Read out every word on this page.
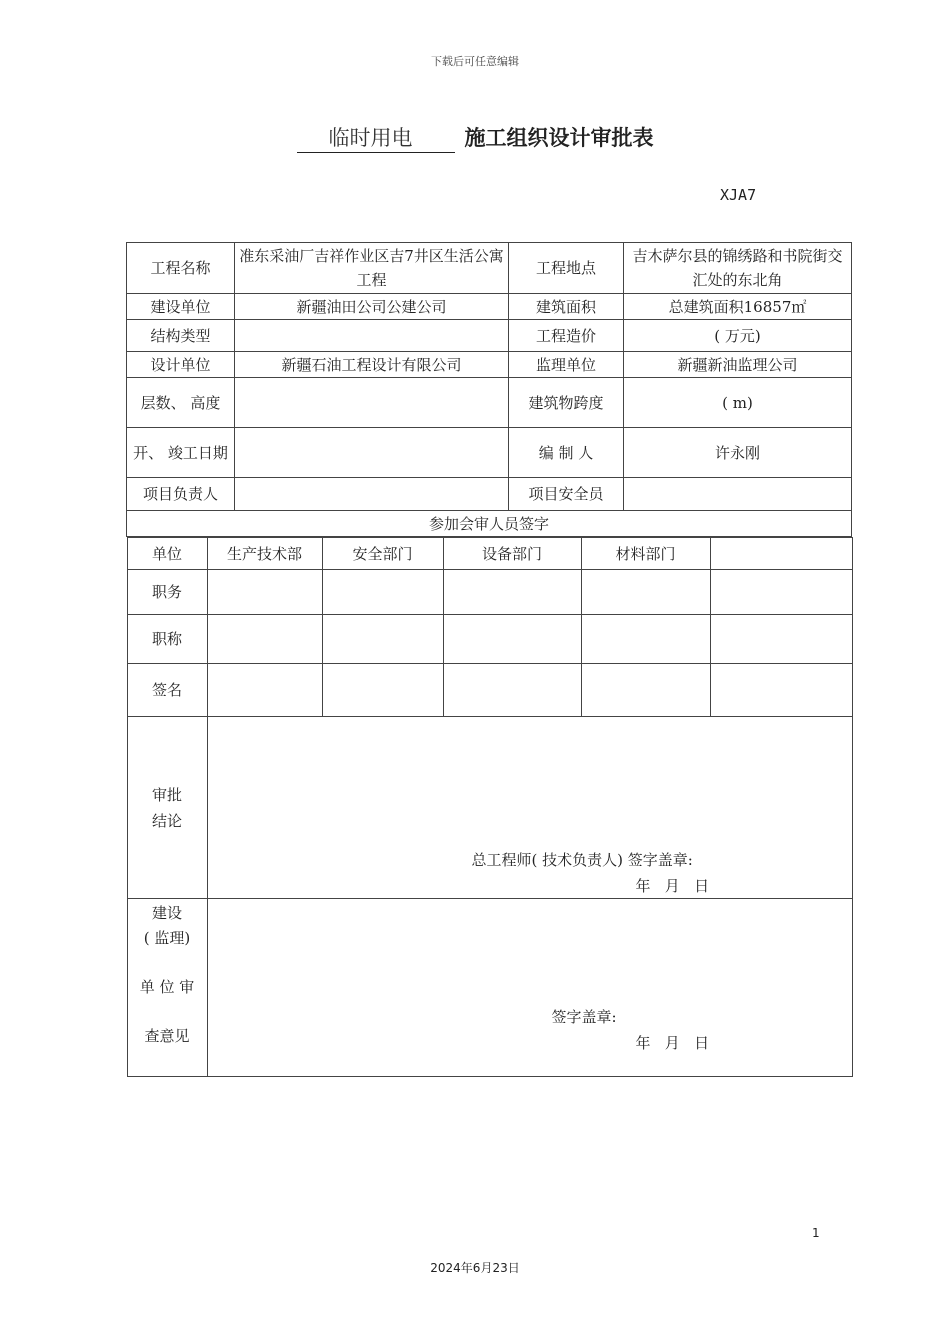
下载后可任意编辑
临时用电 施工组织设计审批表
XJA7
工程名称	准东采油厂吉祥作业区吉7井区生活公寓工程	工程地点	吉木萨尔县的锦绣路和书院街交汇处的东北角
建设单位	新疆油田公司公建公司	建筑面积	总建筑面积16857㎡
结构类型		工程造价	( 万元)
设计单位	新疆石油工程设计有限公司	监理单位	新疆新油监理公司
层数、 高度		建筑物跨度	( m)
开、 竣工日期		编 制 人	许永刚
项目负责人		项目安全员	
参加会审人员签字

单位	生产技术部	安全部门	设备部门	材料部门	
职务					
职称					
签名					

审批结论

总工程师( 技术负责人) 签字盖章:
年   月   日

建设
( 监理)
单 位 审
查意见

签字盖章:
年   月   日
1
2024年6月23日
